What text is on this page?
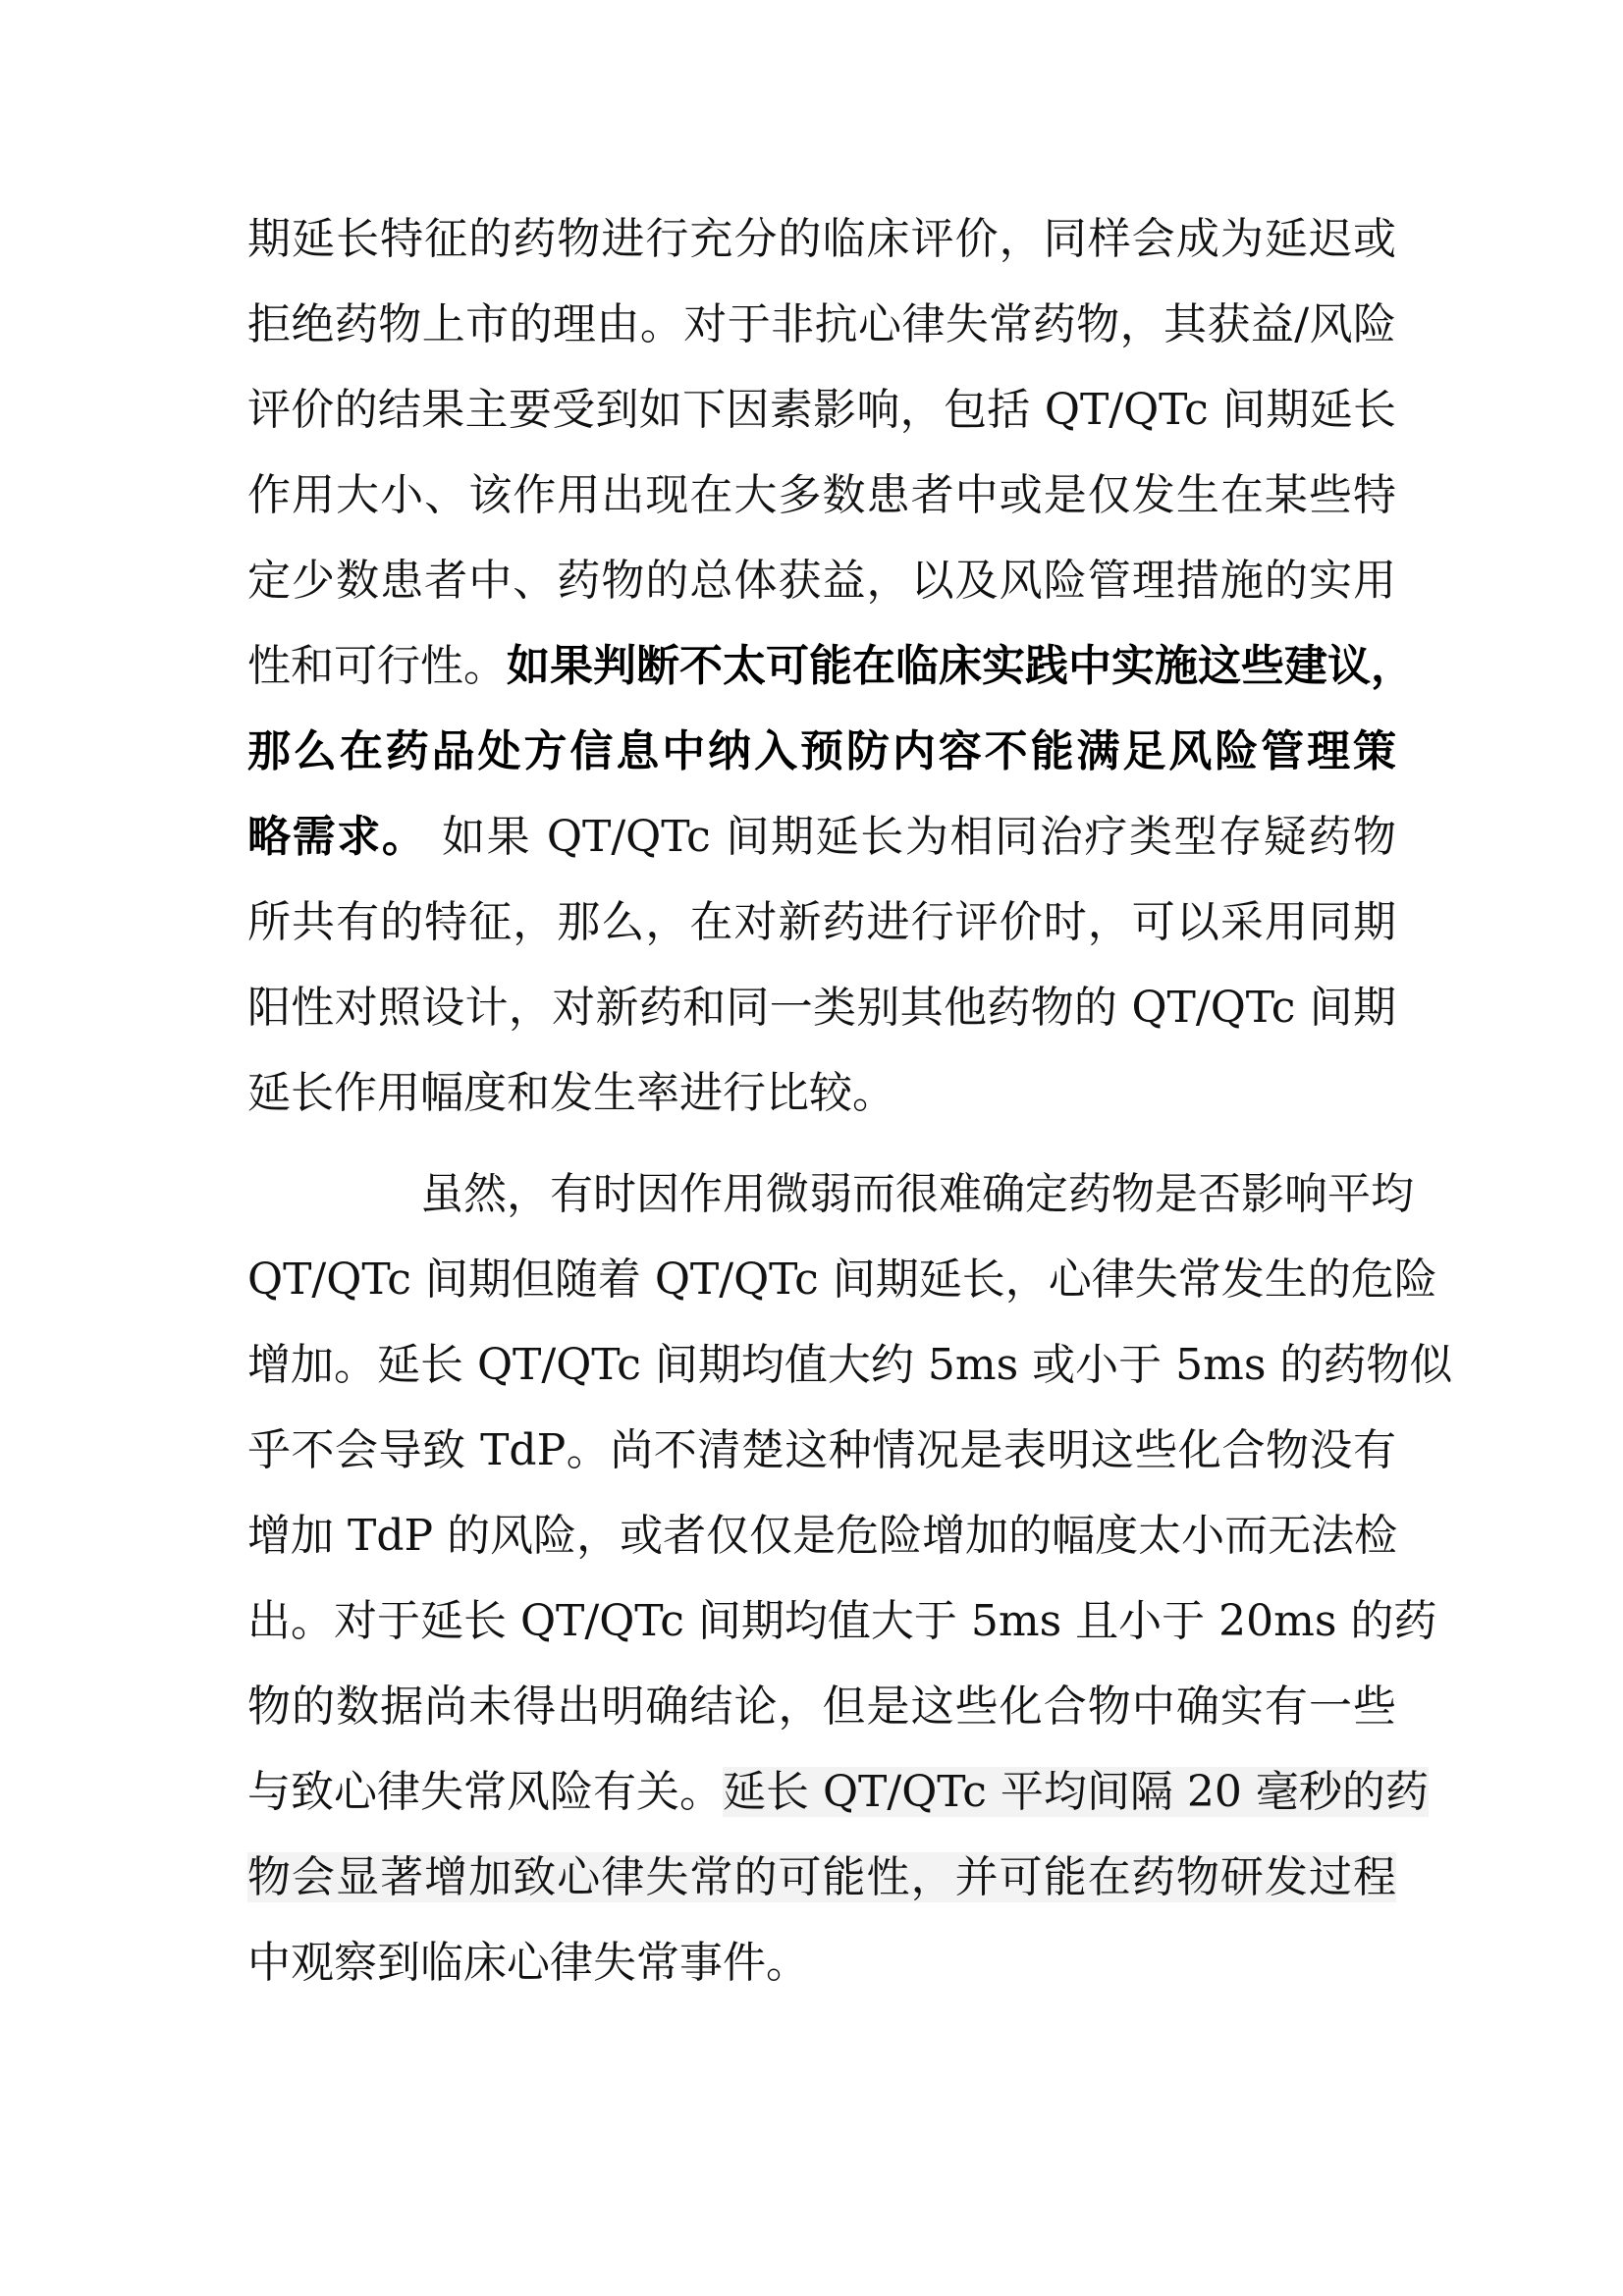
期延长特征的药物进行充分的临床评价，同样会成为延迟或
拒绝药物上市的理由。对于非抗心律失常药物，其获益/风险
评价的结果主要受到如下因素影响，包括 QT/QTc 间期延长
作用大小、该作用出现在大多数患者中或是仅发生在某些特
定少数患者中、药物的总体获益，以及风险管理措施的实用
性和可行性。如果判断不太可能在临床实践中实施这些建议，
那么在药品处方信息中纳入预防内容不能满足风险管理策
略需求。 如果 QT/QTc 间期延长为相同治疗类型存疑药物
所共有的特征，那么，在对新药进行评价时，可以采用同期
阳性对照设计，对新药和同一类别其他药物的 QT/QTc 间期
延长作用幅度和发生率进行比较。
虽然，有时因作用微弱而很难确定药物是否影响平均
QT/QTc 间期但随着 QT/QTc 间期延长，心律失常发生的危险
增加。延长 QT/QTc 间期均值大约 5ms 或小于 5ms 的药物似
乎不会导致 TdP。尚不清楚这种情况是表明这些化合物没有
增加 TdP 的风险，或者仅仅是危险增加的幅度太小而无法检
出。对于延长 QT/QTc 间期均值大于 5ms 且小于 20ms 的药
物的数据尚未得出明确结论，但是这些化合物中确实有一些
与致心律失常风险有关。延长 QT/QTc 平均间隔 20 毫秒的药
物会显著增加致心律失常的可能性，并可能在药物研发过程
中观察到临床心律失常事件。
